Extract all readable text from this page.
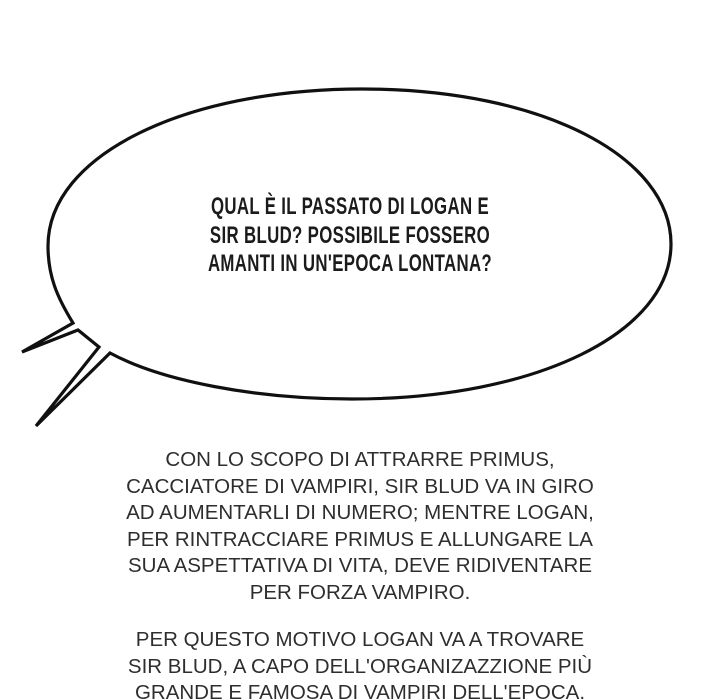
QUAL È IL PASSATO DI LOGAN E
SIR BLUD? POSSIBILE FOSSERO
AMANTI IN UN'EPOCA LONTANA?
CON LO SCOPO DI ATTRARRE PRIMUS,
CACCIATORE DI VAMPIRI, SIR BLUD VA IN GIRO
AD AUMENTARLI DI NUMERO; MENTRE LOGAN,
PER RINTRACCIARE PRIMUS E ALLUNGARE LA
SUA ASPETTATIVA DI VITA, DEVE RIDIVENTARE
PER FORZA VAMPIRO.
PER QUESTO MOTIVO LOGAN VA A TROVARE
SIR BLUD, A CAPO DELL'ORGANIZAZZIONE PIÙ
GRANDE E FAMOSA DI VAMPIRI DELL'EPOCA.
